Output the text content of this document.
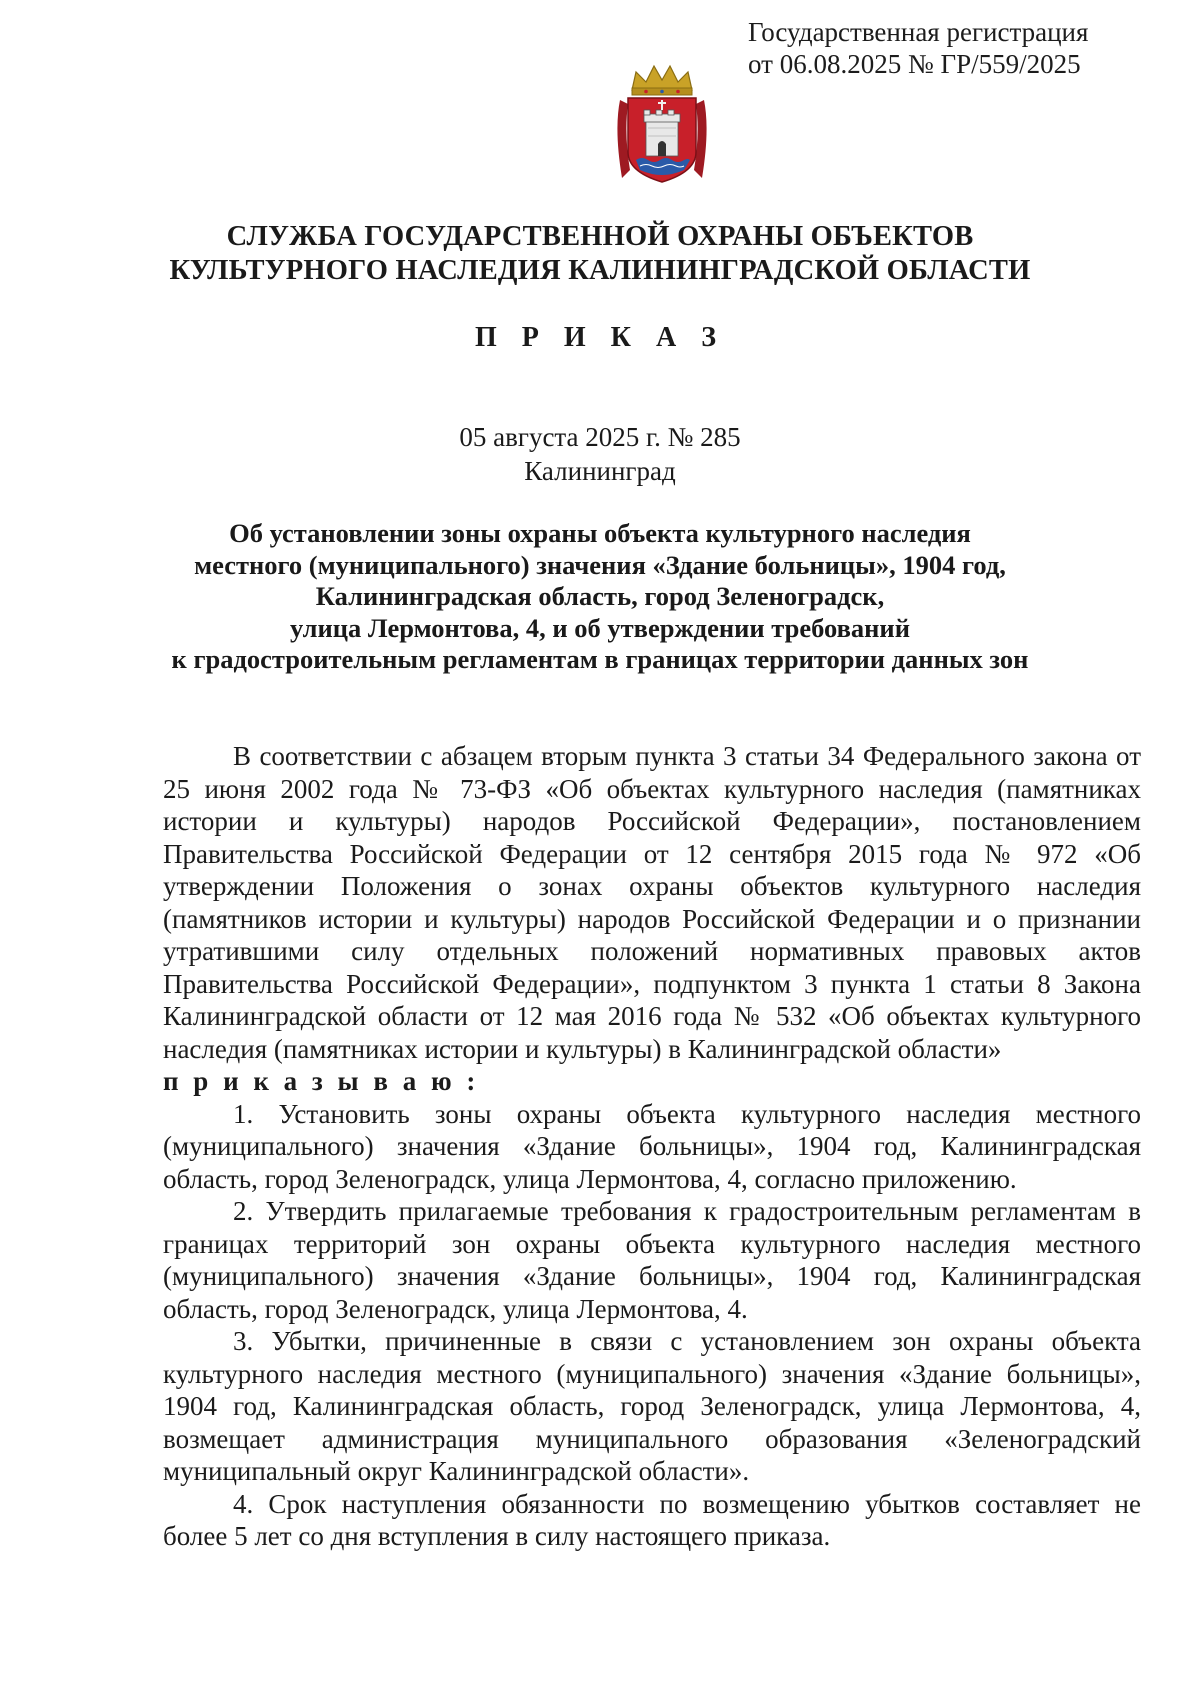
Государственная регистрация
от 06.08.2025 № ГР/559/2025
СЛУЖБА ГОСУДАРСТВЕННОЙ ОХРАНЫ ОБЪЕКТОВ
КУЛЬТУРНОГО НАСЛЕДИЯ КАЛИНИНГРАДСКОЙ ОБЛАСТИ
П Р И К А З
05 августа 2025 г. № 285
Калининград
Об установлении зоны охраны объекта культурного наследия
местного (муниципального) значения «Здание больницы», 1904 год,
Калининградская область, город Зеленоградск,
улица Лермонтова, 4, и об утверждении требований
к градостроительным регламентам в границах территории данных зон

В соответствии с абзацем вторым пункта 3 статьи 34 Федерального закона от 25 июня 2002 года № 73-ФЗ «Об объектах культурного наследия (памятниках истории и культуры) народов Российской Федерации», постановлением Правительства Российской Федерации от 12 сентября 2015 года № 972 «Об утверждении Положения о зонах охраны объектов культурного наследия (памятников истории и культуры) народов Российской Федерации и о признании утратившими силу отдельных положений нормативных правовых актов Правительства Российской Федерации», подпунктом 3 пункта 1 статьи 8 Закона Калининградской области от 12 мая 2016 года № 532 «Об объектах культурного наследия (памятниках истории и культуры) в Калининградской области»

п р и к а з ы в а ю :

1. Установить зоны охраны объекта культурного наследия местного (муниципального) значения «Здание больницы», 1904 год, Калининградская область, город Зеленоградск, улица Лермонтова, 4, согласно приложению.

2. Утвердить прилагаемые требования к градостроительным регламентам в границах территорий зон охраны объекта культурного наследия местного (муниципального) значения «Здание больницы», 1904 год, Калининградская область, город Зеленоградск, улица Лермонтова, 4.

3. Убытки, причиненные в связи с установлением зон охраны объекта культурного наследия местного (муниципального) значения «Здание больницы», 1904 год, Калининградская область, город Зеленоградск, улица Лермонтова, 4, возмещает администрация муниципального образования «Зеленоградский муниципальный округ Калининградской области».

4. Срок наступления обязанности по возмещению убытков составляет не более 5 лет со дня вступления в силу настоящего приказа.
